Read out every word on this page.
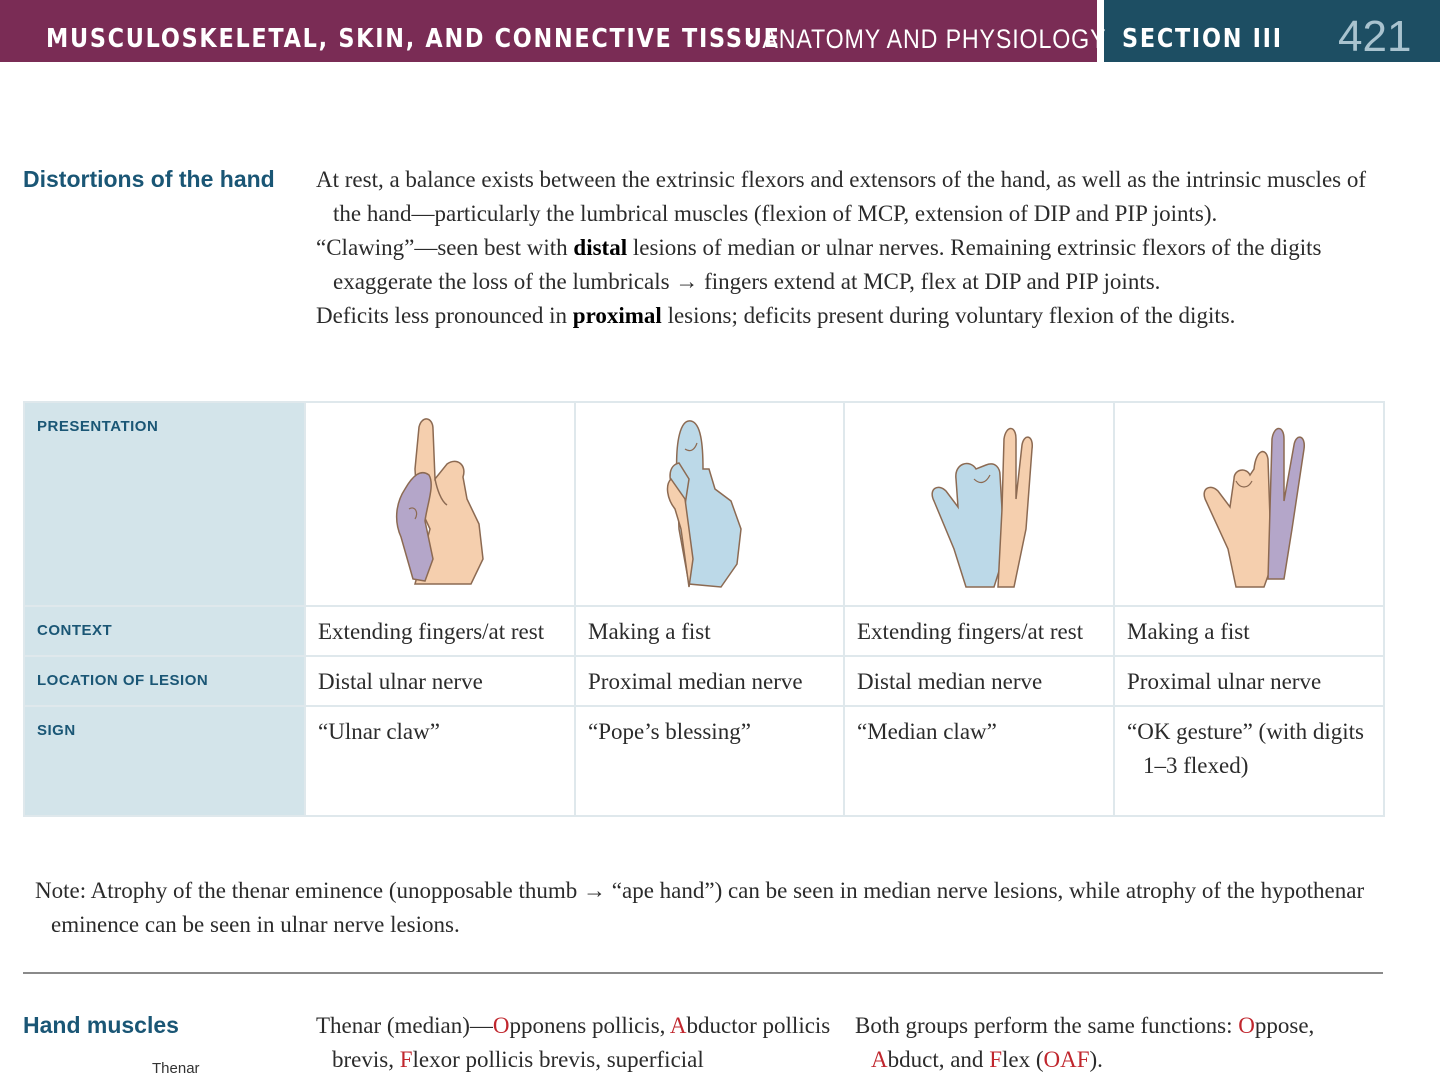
MUSCULOSKELETAL, SKIN, AND CONNECTIVE TISSUE
ANATOMY AND PHYSIOLOGY SECTION III 421
Distortions of the hand At rest, a balance exists between the extrinsic flexors and extensors of the hand, as well as the intrinsic muscles of the hand—particularly the lumbrical muscles (flexion of MCP, extension of DIP and PIP joints).

“Clawing”—seen best with distal lesions of median or ulnar nerves. Remaining extrinsic flexors of the digits exaggerate the loss of the lumbricals → fingers extend at MCP, flex at DIP and PIP joints.

Deficits less pronounced in proximal lesions; deficits present during voluntary flexion of the digits.

PRESENTATION				
CONTEXT	Extending fingers/at rest	Making a fist	Extending fingers/at rest	Making a fist

LOCATION OF LESION	Distal ulnar nerve	Proximal median nerve	Distal median nerve	Proximal ulnar nerve

SIGN	“Ulnar claw”	“Pope’s blessing”	“Median claw”	“OK gesture” (with digits 1–3 flexed)

Note: Atrophy of the thenar eminence (unopposable thumb → “ape hand”) can be seen in median nerve lesions, while atrophy of the hypothenar eminence can be seen in ulnar nerve lesions.

Hand muscles
Thenar

Thenar (median)—Opponens pollicis, Abductor pollicis brevis, Flexor pollicis brevis, superficial

Both groups perform the same functions: Oppose, Abduct, and Flex (OAF).
